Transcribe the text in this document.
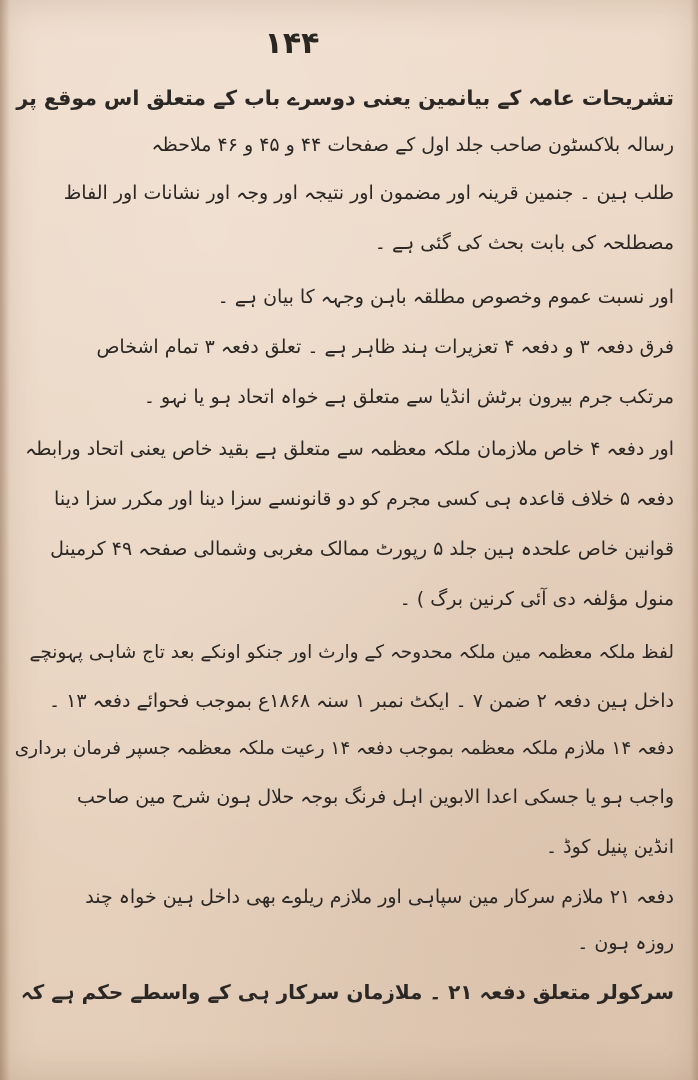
۱۴۴
تشریحات عامہ کے بیانمین یعنی دوسرے باب کے متعلق اس موقع پر
رسالہ بلاکسٹون صاحب جلد اول کے صفحات ۴۴ و ۴۵ و ۴۶ ملاحظہ
طلب ہین ۔ جنمین قرینہ اور مضمون اور نتیجہ اور وجہ اور نشانات اور الفاظ
مصطلحہ کی بابت بحث کی گئی ہے ۔
اور نسبت عموم وخصوص مطلقہ باہن وجہہ کا بیان ہے ۔
فرق دفعہ ۳ و دفعہ ۴ تعزیرات ہند ظاہر ہے ۔ تعلق دفعہ ۳ تمام اشخاص
مرتکب جرم بیرون برٹش انڈیا سے متعلق ہے خواہ اتحاد ہو یا نہو ۔
اور دفعہ ۴ خاص ملازمان ملکہ معظمہ سے متعلق ہے بقید خاص یعنی اتحاد ورابطہ
دفعہ ۵ خلاف قاعدہ ہی کسی مجرم کو دو قانونسے سزا دینا اور مکرر سزا دینا
قوانین خاص علحدہ ہین جلد ۵ رپورٹ ممالک مغربی وشمالی صفحہ ۴۹ کرمینل
منول مؤلفہ دی آئی کرنین برگ ) ۔
لفظ ملکہ معظمہ مین ملکہ محدوحہ کے وارث اور جنکو اونکے بعد تاج شاہی پہونچے
داخل ہین دفعہ ۲ ضمن ۷ ۔ ایکٹ نمبر ۱ سنہ ۱۸۶۸ع بموجب فحوائے دفعہ ۱۳ ۔
دفعہ ۱۴ ملازم ملکہ معظمہ بموجب دفعہ ۱۴ رعیت ملکہ معظمہ جسپر فرمان برداری
واجب ہو یا جسکی اعدا الابوین اہل فرنگ بوجہ حلال ہون شرح مین صاحب
انڈین پنیل کوڈ ۔
دفعہ ۲۱ ملازم سرکار مین سپاہی اور ملازم ریلوے بھی داخل ہین خواہ چند
روزہ ہون ۔
سرکولر متعلق دفعہ ۲۱ ۔ ملازمان سرکار ہی کے واسطے حکم ہے کہ
